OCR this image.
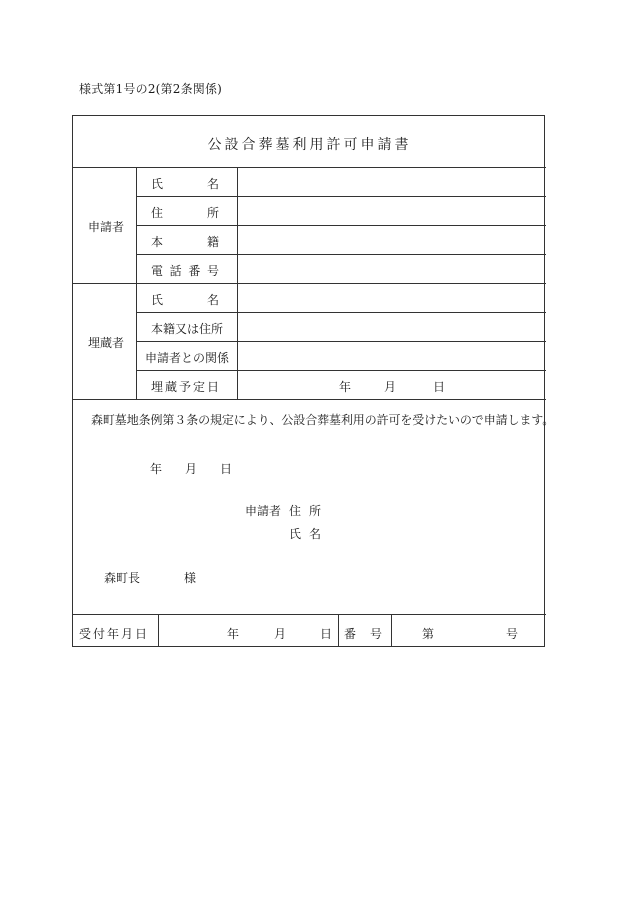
様式第1号の2(第2条関係)
公設合葬墓利用許可申請書
申請者
氏	名
住	所
本	籍
電 話 番 号
埋蔵者
氏	名
本籍又は住所
申請者との関係
埋蔵予定日	年	月	日
森町墓地条例第３条の規定により、公設合葬墓利用の許可を受けたいので申請します。
年 月 日
申請者 住所
氏名
森町長	様
受付年月日	年	月	日 番号 第	号
